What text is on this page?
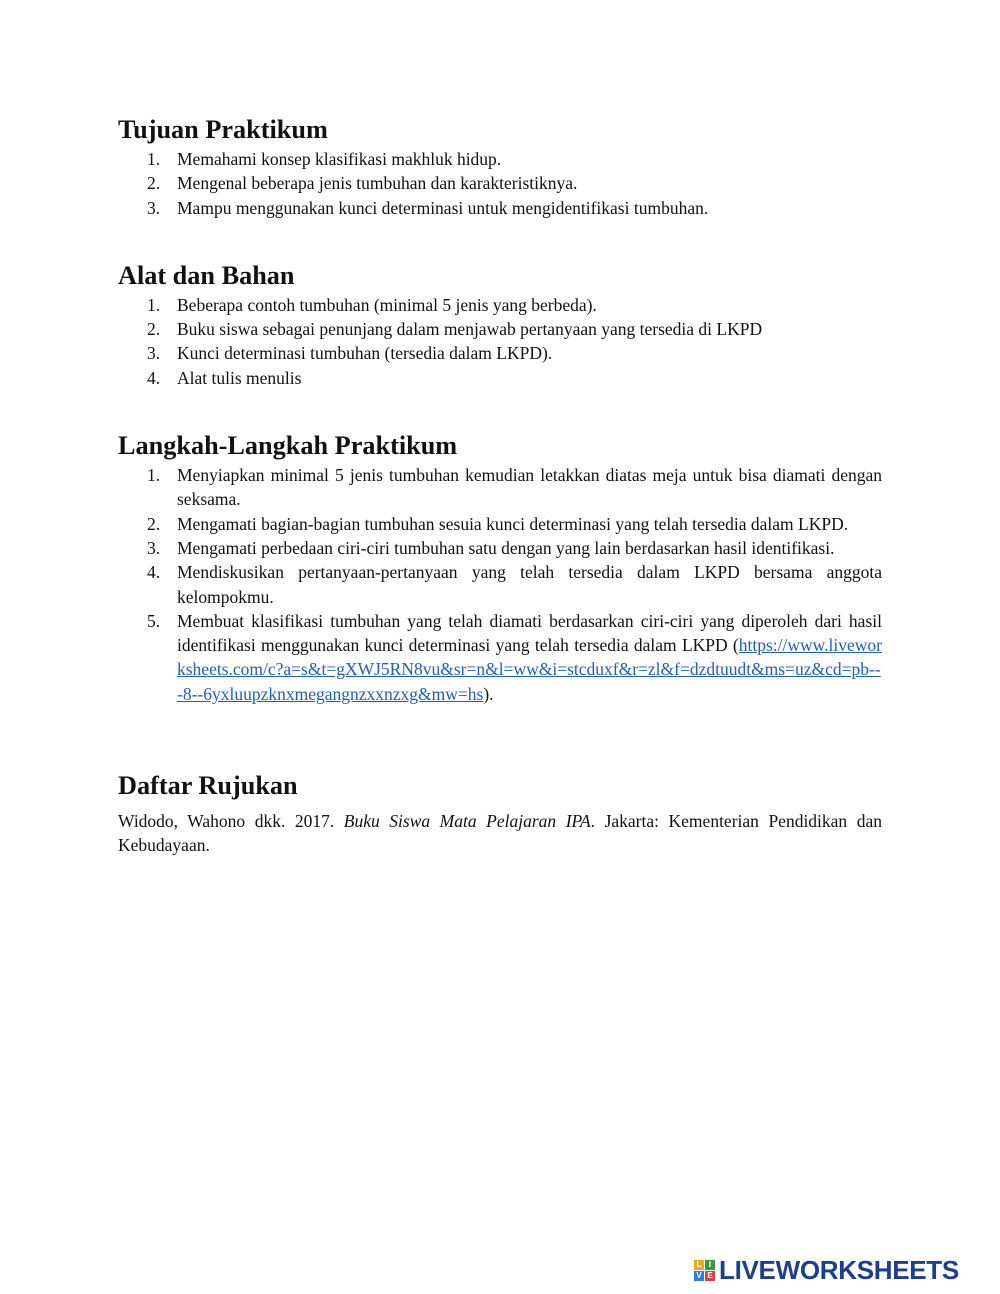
Tujuan Praktikum
1. Memahami konsep klasifikasi makhluk hidup.
2. Mengenal beberapa jenis tumbuhan dan karakteristiknya.
3. Mampu menggunakan kunci determinasi untuk mengidentifikasi tumbuhan.
Alat dan Bahan
1. Beberapa contoh tumbuhan (minimal 5 jenis yang berbeda).
2. Buku siswa sebagai penunjang dalam menjawab pertanyaan yang tersedia di LKPD
3. Kunci determinasi tumbuhan (tersedia dalam LKPD).
4. Alat tulis menulis
Langkah-Langkah Praktikum
1. Menyiapkan minimal 5 jenis tumbuhan kemudian letakkan diatas meja untuk bisa diamati dengan seksama.
2. Mengamati bagian-bagian tumbuhan sesuia kunci determinasi yang telah tersedia dalam LKPD.
3. Mengamati perbedaan ciri-ciri tumbuhan satu dengan yang lain berdasarkan hasil identifikasi.
4. Mendiskusikan pertanyaan-pertanyaan yang telah tersedia dalam LKPD bersama anggota kelompokmu.
5. Membuat klasifikasi tumbuhan yang telah diamati berdasarkan ciri-ciri yang diperoleh dari hasil identifikasi menggunakan kunci determinasi yang telah tersedia dalam LKPD (https://www.liveworksheets.com/c?a=s&t=gXWJ5RN8vu&sr=n&l=ww&i=stcduxf&r=zl&f=dzdtuudt&ms=uz&cd=pb---8--6yxluupzknxmegangnzxxnzxg&mw=hs).
Daftar Rujukan

Widodo, Wahono dkk. 2017. Buku Siswa Mata Pelajaran IPA. Jakarta: Kementerian Pendidikan dan Kebudayaan.

L I
V E LIVEWORKSHEETS
